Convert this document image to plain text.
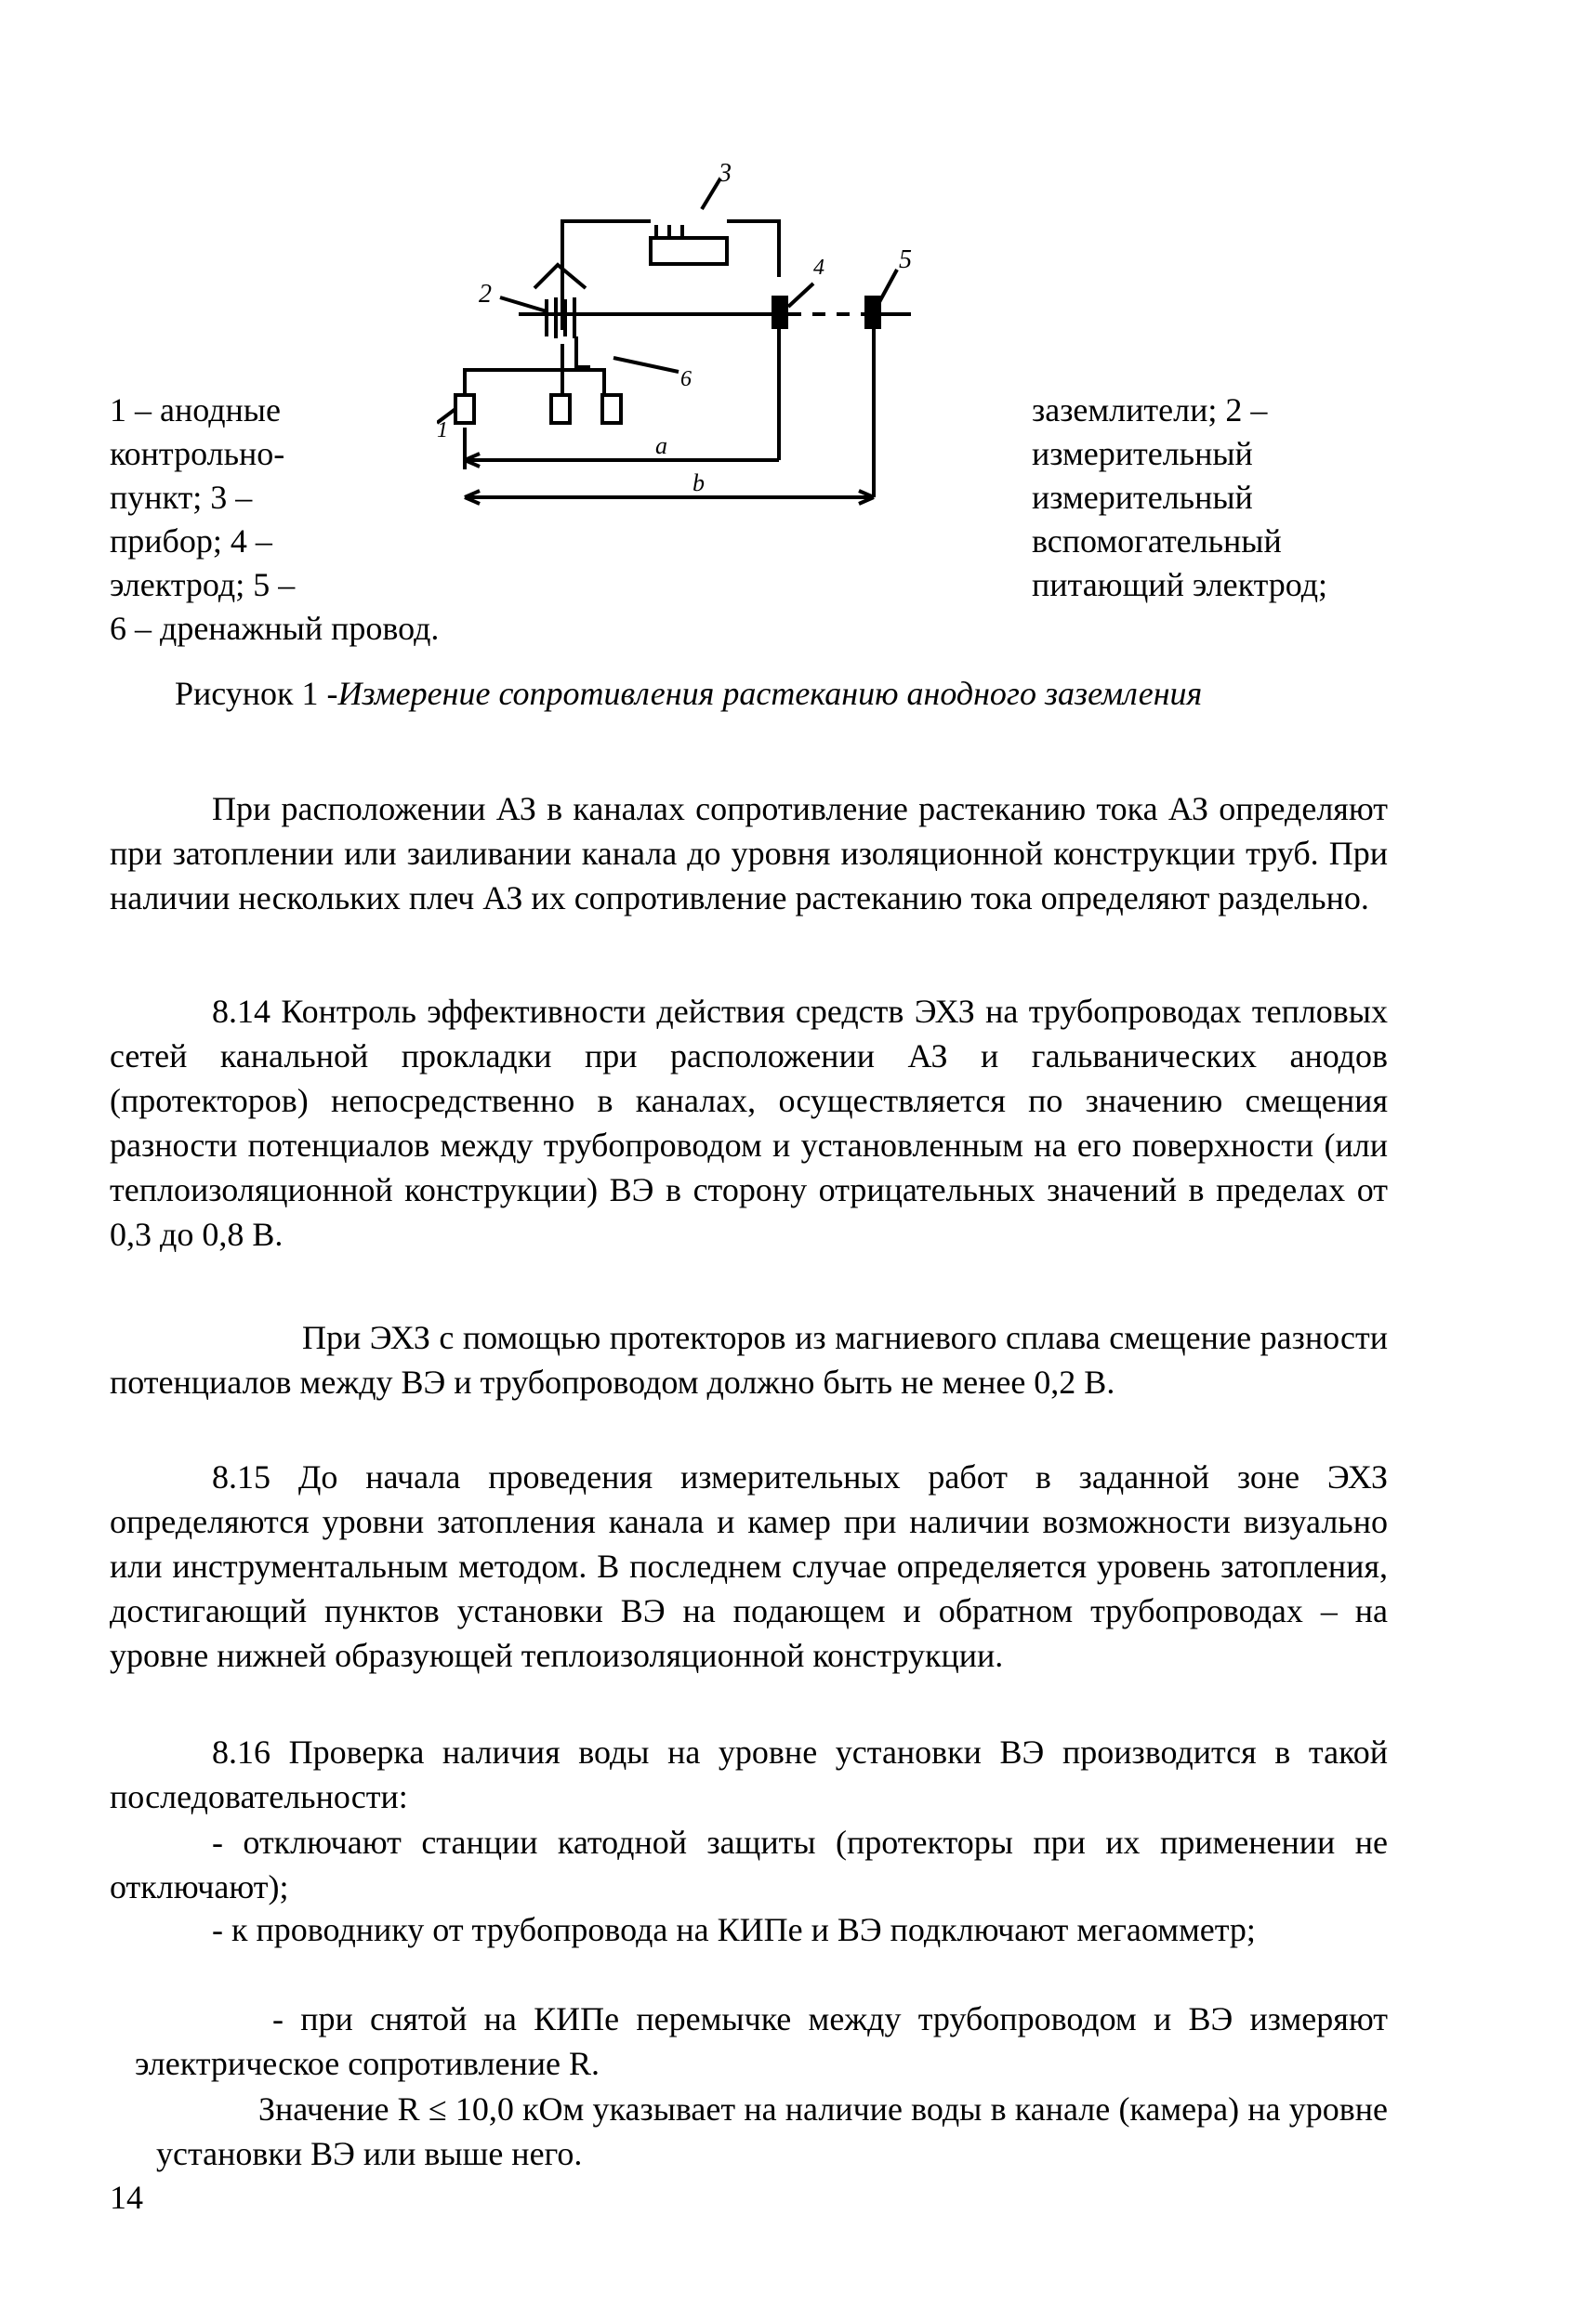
3
4	5
2
6
1
a
b
1 – анодные
контрольно-
пункт; 3 –
прибор; 4 –
электрод; 5 –
6 – дренажный провод.
заземлители; 2 –
измерительный
измерительный
вспомогательный
питающий электрод;
Рисунок 1 -Измерение сопротивления растеканию анодного заземления

При расположении АЗ в каналах сопротивление растеканию тока АЗ определяют при затоплении или заиливании канала до уровня изоляционной конструкции труб. При наличии нескольких плеч АЗ их сопротивление растеканию тока определяют раздельно.

8.14 Контроль эффективности действия средств ЭХЗ на трубопроводах тепловых сетей канальной прокладки при расположении АЗ и гальванических анодов (протекторов) непосредственно в каналах, осуществляется по значению смещения разности потенциалов между трубопроводом и установленным на его поверхности (или теплоизоляционной конструкции) ВЭ в сторону отрицательных значений в пределах от 0,3 до 0,8 В.

При ЭХЗ с помощью протекторов из магниевого сплава смещение разности потенциалов между ВЭ и трубопроводом должно быть не менее 0,2 В.

8.15 До начала проведения измерительных работ в заданной зоне ЭХЗ определяются уровни затопления канала и камер при наличии возможности визуально или инструментальным методом. В последнем случае определяется уровень затопления, достигающий пунктов установки ВЭ на подающем и обратном трубопроводах – на уровне нижней образующей теплоизоляционной конструкции.

8.16 Проверка наличия воды на уровне установки ВЭ производится в такой последовательности:

- отключают станции катодной защиты (протекторы при их применении не отключают);

- к проводнику от трубопровода на КИПе и ВЭ подключают мегаомметр;

- при снятой на КИПе перемычке между трубопроводом и ВЭ измеряют электрическое сопротивление R.

Значение R ≤ 10,0 кОм указывает на наличие воды в канале (камера) на уровне установки ВЭ или выше него.

14
